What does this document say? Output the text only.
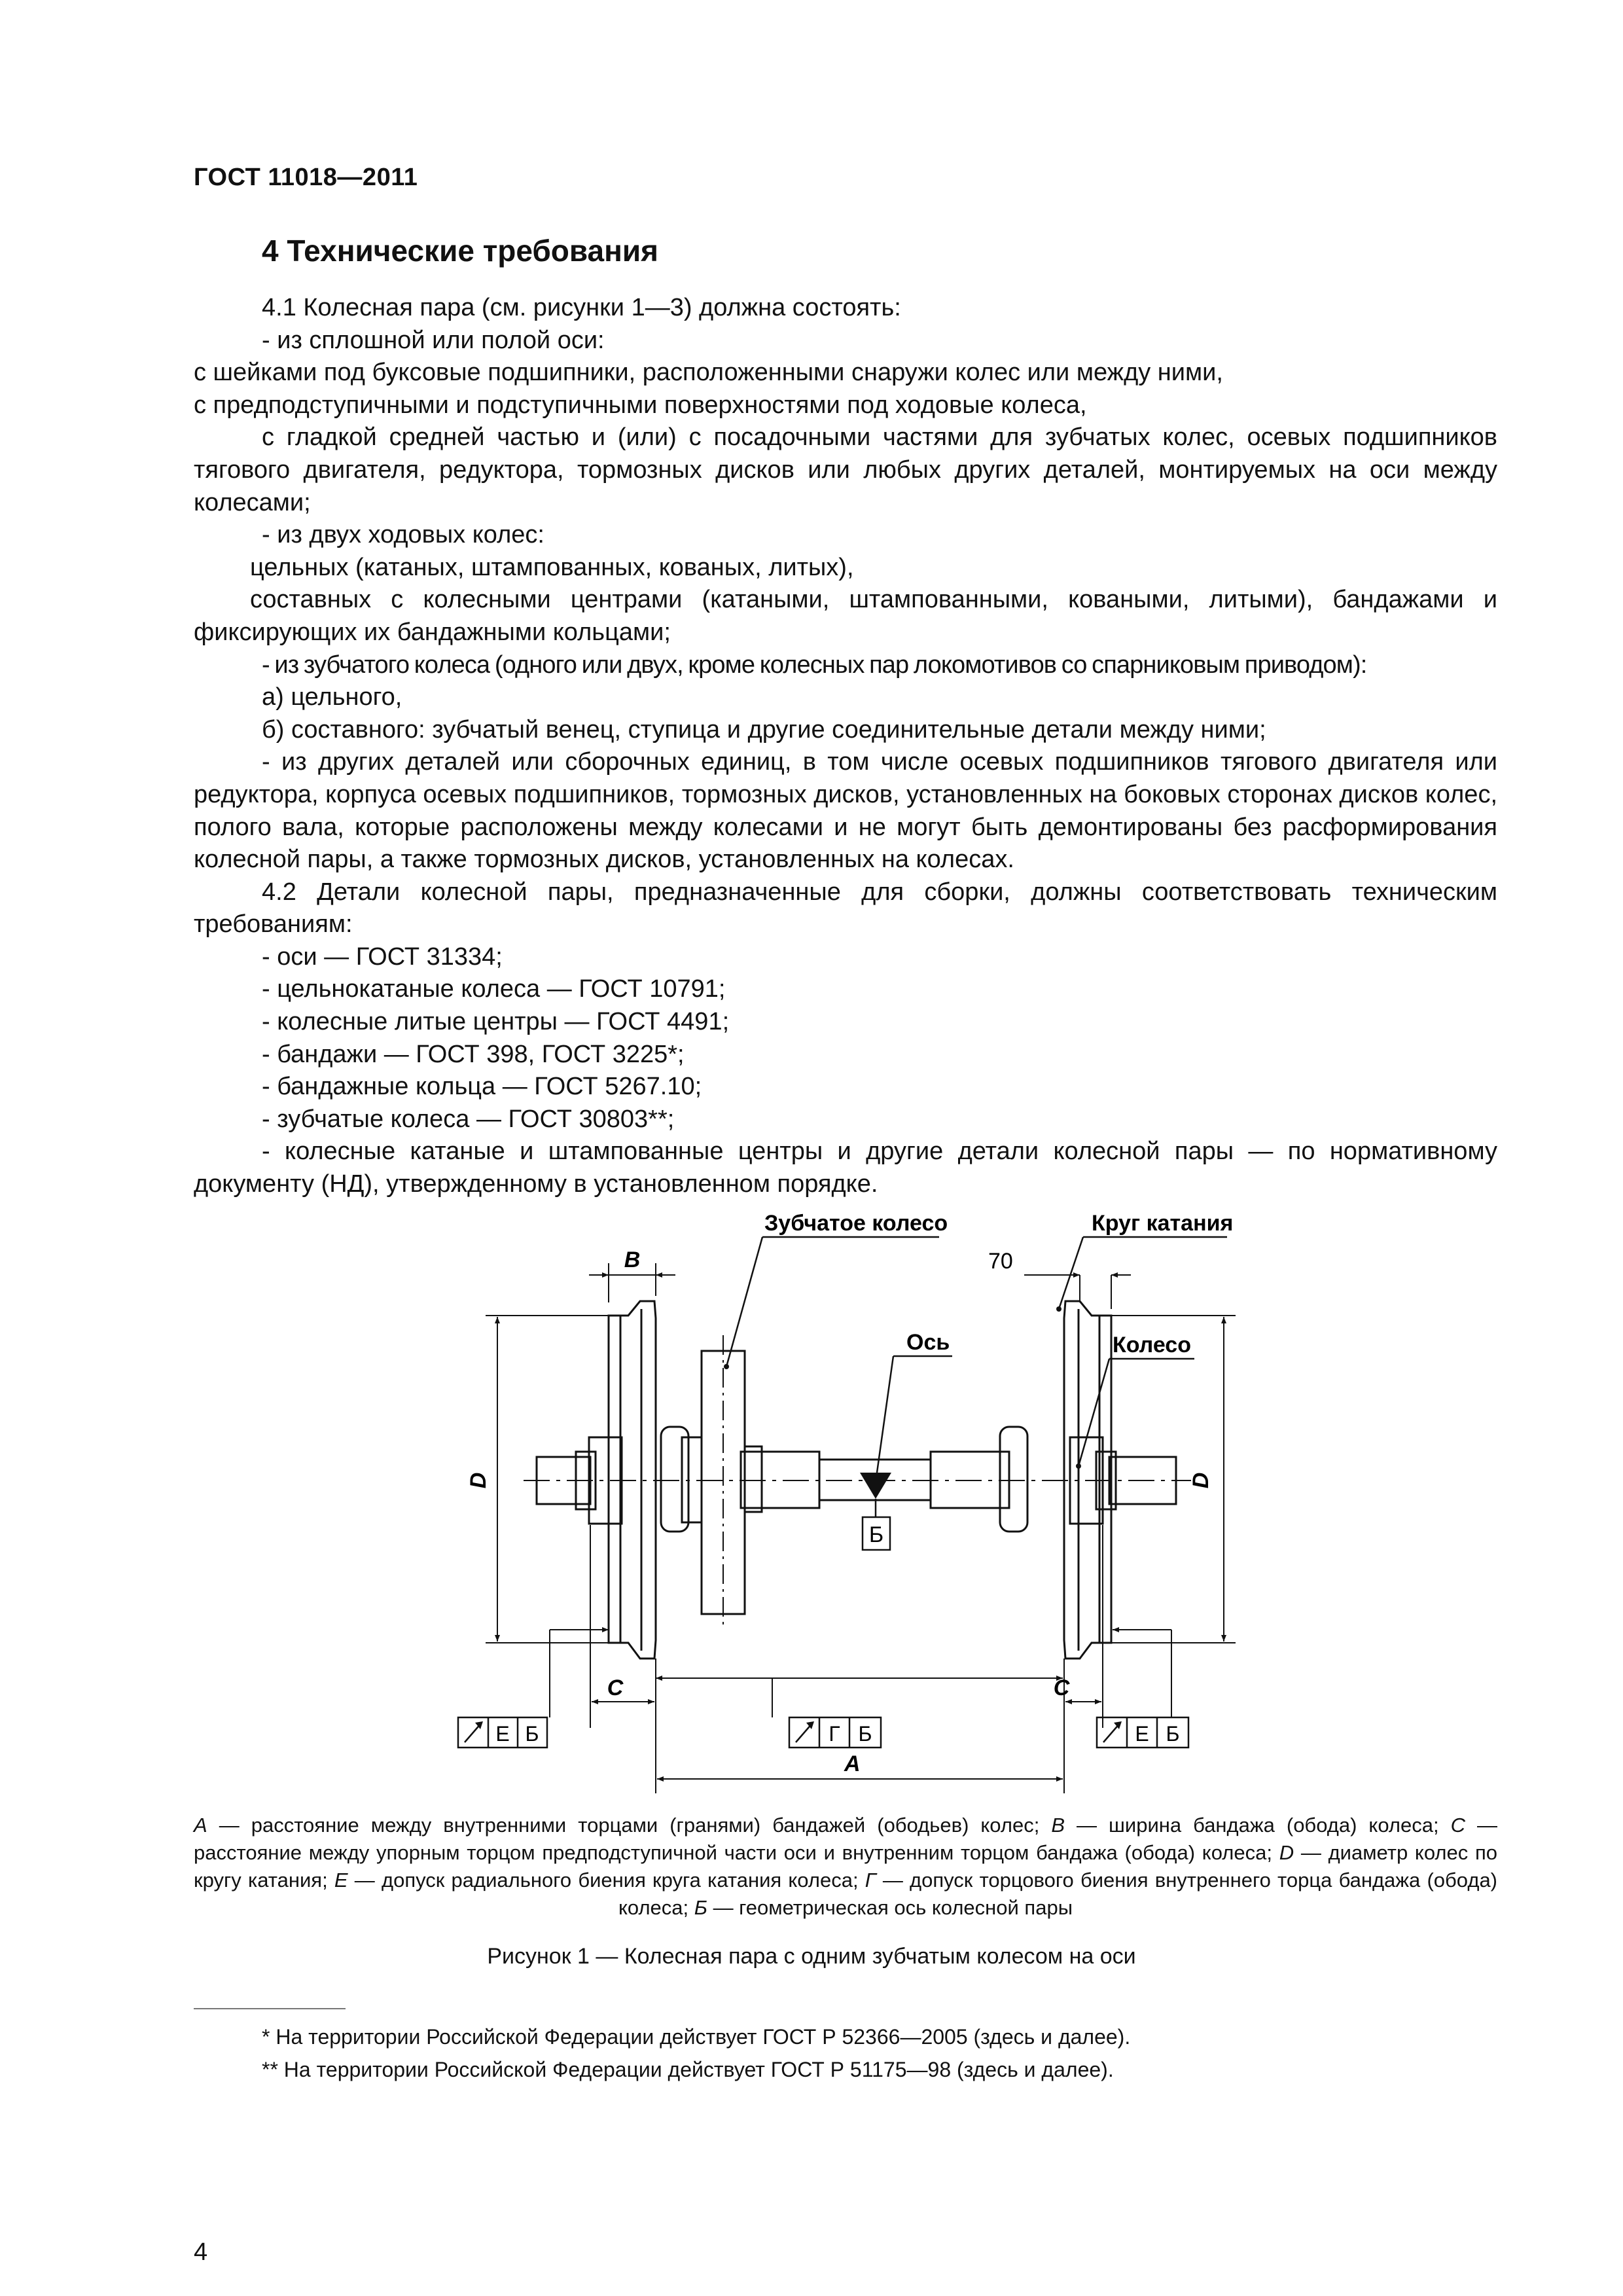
ГОСТ 11018—2011
4 Технические требования

4.1 Колесная пара (см. рисунки 1—3) должна состоять:

- из сплошной или полой оси:

с шейками под буксовые подшипники, расположенными снаружи колес или между ними,

с предподступичными и подступичными поверхностями под ходовые колеса,

с гладкой средней частью и (или) с посадочными частями для зубчатых колес, осевых подшипников тягового двигателя, редуктора, тормозных дисков или любых других деталей, монтируемых на оси между колесами;

- из двух ходовых колес:

цельных (катаных, штампованных, кованых, литых),

составных с колесными центрами (катаными, штампованными, коваными, литыми), бандажами и фиксирующих их бандажными кольцами;

- из зубчатого колеса (одного или двух, кроме колесных пар локомотивов со спарниковым приводом):

а) цельного,

б) составного: зубчатый венец, ступица и другие соединительные детали между ними;

- из других деталей или сборочных единиц, в том числе осевых подшипников тягового двигателя или редуктора, корпуса осевых подшипников, тормозных дисков, установленных на боковых сторонах дисков колес, полого вала, которые расположены между колесами и не могут быть демонтированы без расформирования колесной пары, а также тормозных дисков, установленных на колесах.

4.2 Детали колесной пары, предназначенные для сборки, должны соответствовать техническим требованиям:

- оси — ГОСТ 31334;

- цельнокатаные колеса — ГОСТ 10791;

- колесные литые центры — ГОСТ 4491;

- бандажи — ГОСТ 398, ГОСТ 3225*;

- бандажные кольца — ГОСТ 5267.10;

- зубчатые колеса — ГОСТ 30803**;

- колесные катаные и штампованные центры и другие детали колесной пары — по нормативному документу (НД), утвержденному в установленном порядке.

Б
Зубчатое колесо	Круг катания
Ось	Колесо
B	70
D	D
C	C
A
Е Б	Г Б	Е Б
A — расстояние между внутренними торцами (гранями) бандажей (ободьев) колес; B — ширина бандажа (обода) колеса; C — расстояние между упорным торцом предподступичной части оси и внутренним торцом бандажа (обода) колеса; D — диаметр колес по кругу катания; Е — допуск радиального биения круга катания колеса; Г — допуск торцового биения внутреннего торца бандажа (обода) колеса; Б — геометрическая ось колесной пары
Рисунок 1 — Колесная пара с одним зубчатым колесом на оси
* На территории Российской Федерации действует ГОСТ Р 52366—2005 (здесь и далее).
** На территории Российской Федерации действует ГОСТ Р 51175—98 (здесь и далее).
4
